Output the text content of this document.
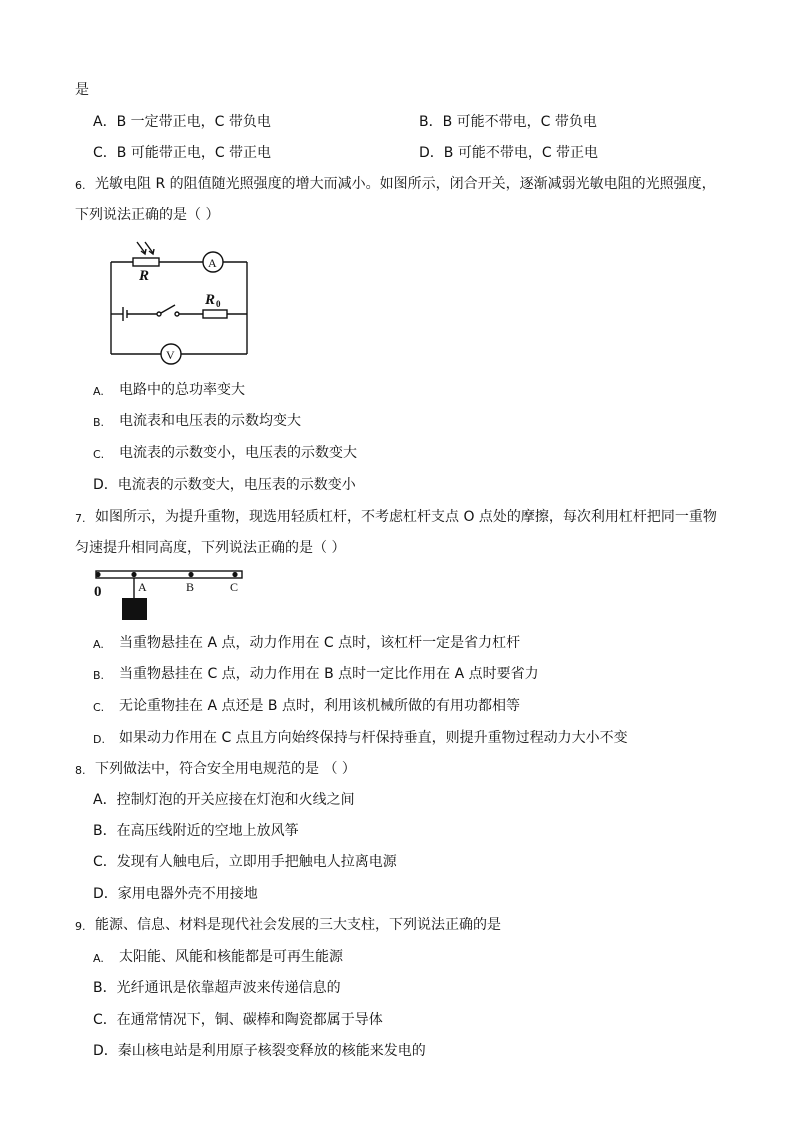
是
A．B 一定带正电，C 带负电	B．B 可能不带电，C 带负电
C．B 可能带正电，C 带正电	D．B 可能不带电，C 带正电
6. 光敏电阻 R 的阻值随光照强度的增大而减小。如图所示，闭合开关，逐渐减弱光敏电阻的光照强度，
下列说法正确的是（ ）
R
R 0
A
V
A. 电路中的总功率变大
B. 电流表和电压表的示数均变大
C. 电流表的示数变小，电压表的示数变大
D．电流表的示数变大，电压表的示数变小
7. 如图所示，为提升重物，现选用轻质杠杆，不考虑杠杆支点 O 点处的摩擦，每次利用杠杆把同一重物
匀速提升相同高度，下列说法正确的是（ ）
0	A	B	C
A. 当重物悬挂在 A 点，动力作用在 C 点时，该杠杆一定是省力杠杆
B. 当重物悬挂在 C 点，动力作用在 B 点时一定比作用在 A 点时要省力
C. 无论重物挂在 A 点还是 B 点时，利用该机械所做的有用功都相等
D. 如果动力作用在 C 点且方向始终保持与杆保持垂直，则提升重物过程动力大小不变
8. 下列做法中，符合安全用电规范的是 （ ）
A．控制灯泡的开关应接在灯泡和火线之间
B．在高压线附近的空地上放风筝
C．发现有人触电后，立即用手把触电人拉离电源
D．家用电器外壳不用接地
9. 能源、信息、材料是现代社会发展的三大支柱，下列说法正确的是
A. 太阳能、风能和核能都是可再生能源
B．光纤通讯是依靠超声波来传递信息的
C．在通常情况下，铜、碳棒和陶瓷都属于导体
D．秦山核电站是利用原子核裂变释放的核能来发电的
